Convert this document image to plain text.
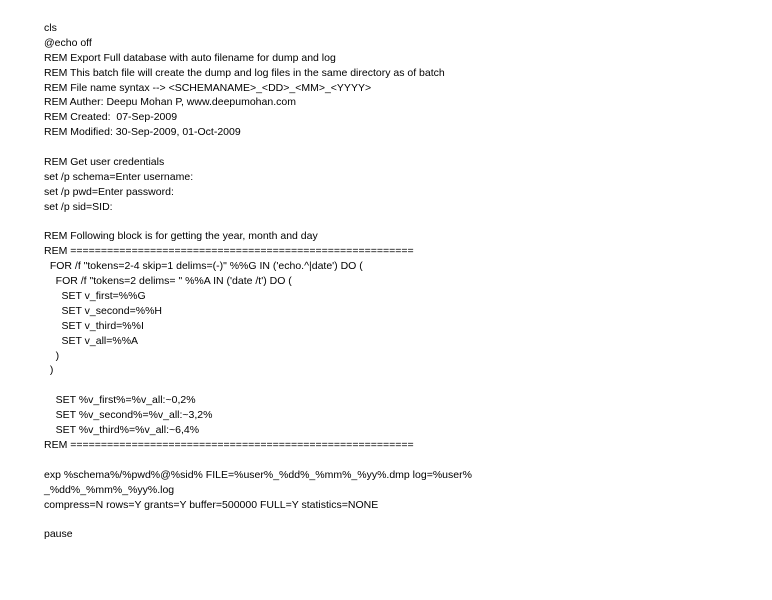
cls
@echo off
REM Export Full database with auto filename for dump and log
REM This batch file will create the dump and log files in the same directory as of batch
REM File name syntax --> <SCHEMANAME>_<DD>_<MM>_<YYYY>
REM Auther: Deepu Mohan P, www.deepumohan.com
REM Created:  07-Sep-2009
REM Modified: 30-Sep-2009, 01-Oct-2009
REM Get user credentials
set /p schema=Enter username:
set /p pwd=Enter password:
set /p sid=SID:
REM Following block is for getting the year, month and day
REM ========================================================
FOR /f "tokens=2-4 skip=1 delims=(-)" %%G IN ('echo.^|date') DO (
FOR /f "tokens=2 delims= " %%A IN ('date /t') DO (
SET v_first=%%G
SET v_second=%%H
SET v_third=%%I
SET v_all=%%A
)
)
SET %v_first%=%v_all:~0,2%
SET %v_second%=%v_all:~3,2%
SET %v_third%=%v_all:~6,4%
REM ========================================================
exp %schema%/%pwd%@%sid% FILE=%user%_%dd%_%mm%_%yy%.dmp log=%user%
_%dd%_%mm%_%yy%.log
compress=N rows=Y grants=Y buffer=500000 FULL=Y statistics=NONE
pause
